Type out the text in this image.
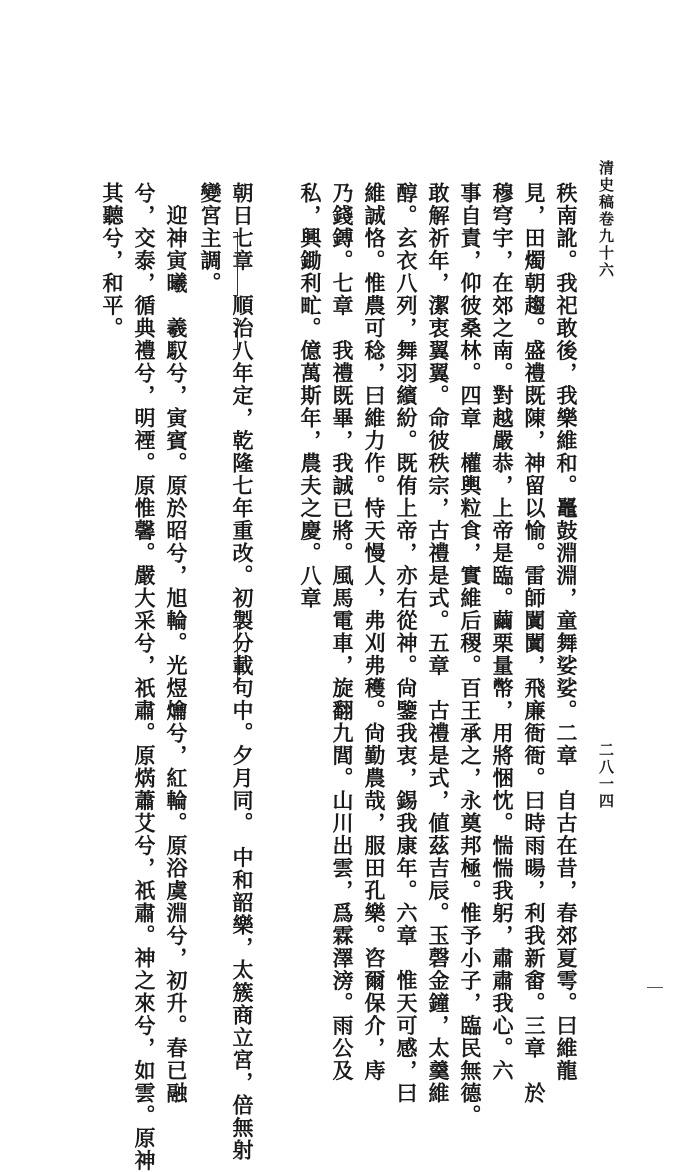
清史稿卷九十六
二八一四
秩南訛。我祀敢後，我樂維和。鼉鼓淵淵，童舞娑娑。二章　自古在昔，春郊夏雩。曰維龍
見，田燭朝趨。盛禮既陳，神留以愉。雷師闐闐，飛廉衙衙。曰時雨暘，利我新畬。三章　於
穆穹宇，在郊之南。對越嚴恭，上帝是臨。繭栗量幣，用將悃忱。惴惴我躬，肅肅我心。六
事自責，仰彼桑林。四章　權輿粒食，實維后稷。百王承之，永奠邦極。惟予小子，臨民無德。
敢解祈年，潔衷翼翼。命彼秩宗，古禮是式。五章　古禮是式，値茲吉辰。玉磬金鐘，太羹維
醇。玄衣八列，舞羽繽紛。既侑上帝，亦右從神。尙鑒我衷，錫我康年。六章　惟天可感，曰
維誠恪。惟農可稔，曰維力作。恃天慢人，弗刈弗穫。尙勤農哉，服田孔樂。咨爾保介，庤
乃錢鎛。七章　我禮既畢，我誠已將。風馬電車，旋翻九閭。山川出雲，爲霖澤滂。雨公及
私，興鋤利甿。億萬斯年，農夫之慶。八章
朝日七章　順治八年定，乾隆七年重改。初製分載句中。夕月同。　中和韶樂，太簇商立宮，倍無射
變宮主調。
　迎神寅曦　羲馭兮，寅賓。原於昭兮，旭輪。光煜爚兮，紅輪。原浴虞淵兮，初升。春已融
兮，交泰，循典禮兮，明禋。原惟馨。嚴大采兮，祇肅。原焫蕭艾兮，祇肅。神之來兮，如雲。原神
其聽兮，和平。
